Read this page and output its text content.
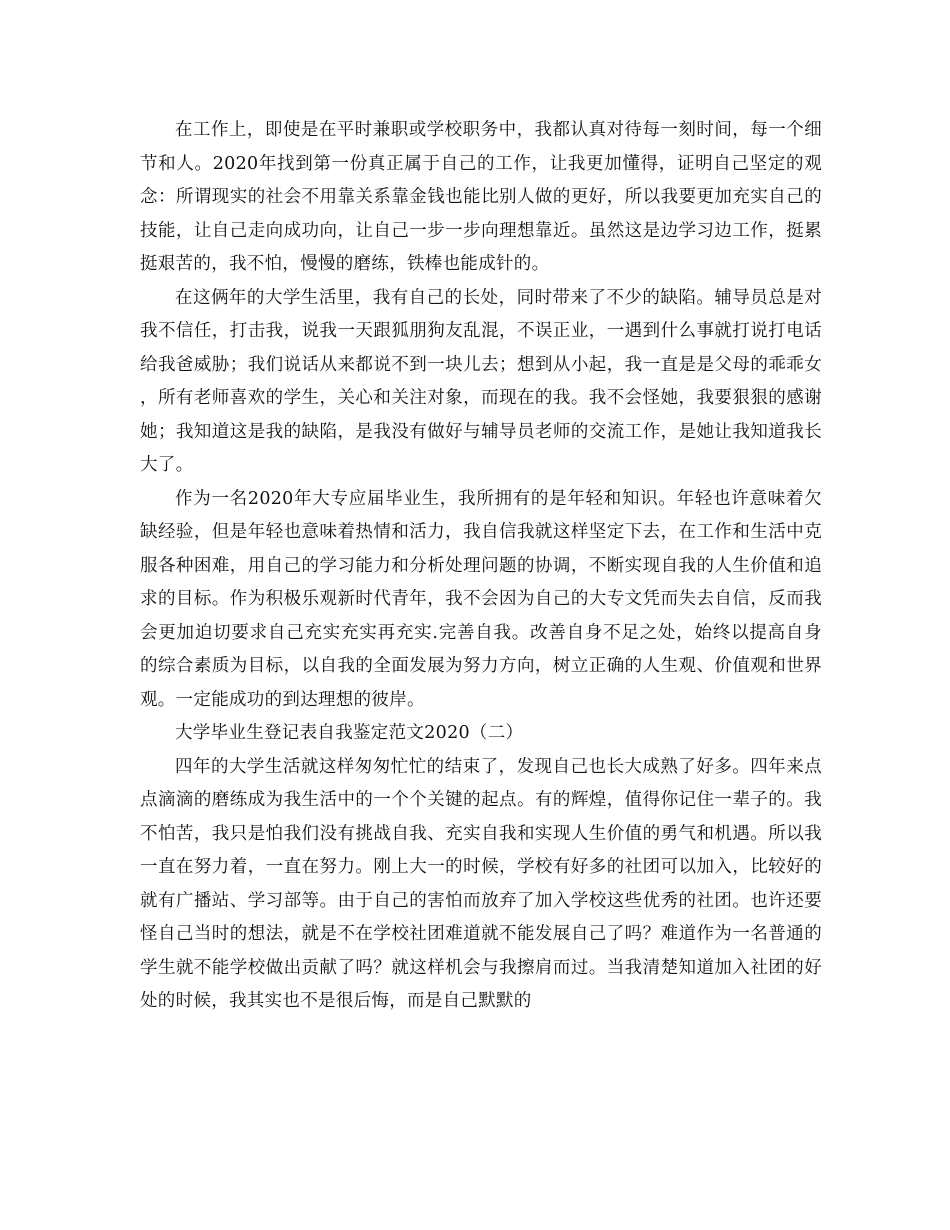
在工作上，即使是在平时兼职或学校职务中，我都认真对待每一刻时间，每一个细节和人。2020年找到第一份真正属于自己的工作，让我更加懂得，证明自己坚定的观念：所谓现实的社会不用靠关系靠金钱也能比别人做的更好，所以我要更加充实自己的技能，让自己走向成功向，让自己一步一步向理想靠近。虽然这是边学习边工作，挺累挺艰苦的，我不怕，慢慢的磨练，铁棒也能成针的。

在这俩年的大学生活里，我有自己的长处，同时带来了不少的缺陷。辅导员总是对我不信任，打击我，说我一天跟狐朋狗友乱混，不误正业，一遇到什么事就打说打电话给我爸威胁；我们说话从来都说不到一块儿去；想到从小起，我一直是是父母的乖乖女，所有老师喜欢的学生，关心和关注对象，而现在的我。我不会怪她，我要狠狠的感谢她；我知道这是我的缺陷，是我没有做好与辅导员老师的交流工作，是她让我知道我长大了。

作为一名2020年大专应届毕业生，我所拥有的是年轻和知识。年轻也许意味着欠缺经验，但是年轻也意味着热情和活力，我自信我就这样坚定下去，在工作和生活中克服各种困难，用自己的学习能力和分析处理问题的协调，不断实现自我的人生价值和追求的目标。作为积极乐观新时代青年，我不会因为自己的大专文凭而失去自信，反而我会更加迫切要求自己充实充实再充实.完善自我。改善自身不足之处，始终以提高自身的综合素质为目标，以自我的全面发展为努力方向，树立正确的人生观、价值观和世界观。一定能成功的到达理想的彼岸。

大学毕业生登记表自我鉴定范文2020（二）

四年的大学生活就这样匆匆忙忙的结束了，发现自己也长大成熟了好多。四年来点点滴滴的磨练成为我生活中的一个个关键的起点。有的辉煌，值得你记住一辈子的。我不怕苦，我只是怕我们没有挑战自我、充实自我和实现人生价值的勇气和机遇。所以我一直在努力着，一直在努力。刚上大一的时候，学校有好多的社团可以加入，比较好的就有广播站、学习部等。由于自己的害怕而放弃了加入学校这些优秀的社团。也许还要怪自己当时的想法，就是不在学校社团难道就不能发展自己了吗？难道作为一名普通的学生就不能学校做出贡献了吗？就这样机会与我擦肩而过。当我清楚知道加入社团的好处的时候，我其实也不是很后悔，而是自己默默的
